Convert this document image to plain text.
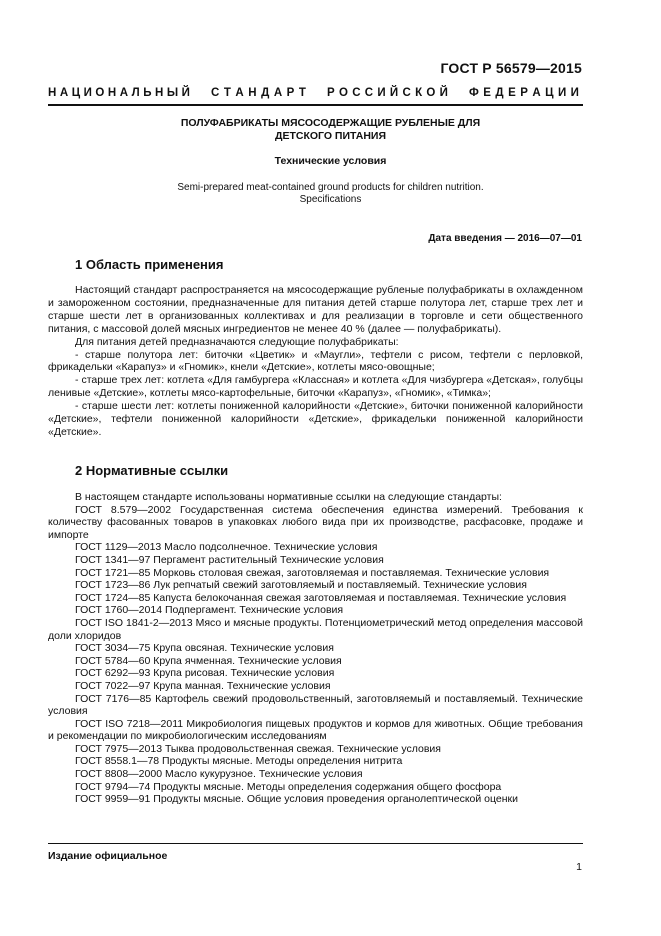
ГОСТ Р 56579—2015
Н А Ц И О Н А Л Ь Н Ы Й С Т А Н Д А Р Т Р О С С И Й С К О Й Ф Е Д Е Р А Ц И И
ПОЛУФАБРИКАТЫ МЯСОСОДЕРЖАЩИЕ РУБЛЕНЫЕ ДЛЯ
ДЕТСКОГО ПИТАНИЯ
Технические условия
Semi-prepared meat-contained ground products for children nutrition.
Specifications
Дата введения — 2016—07—01
1 Область применения

Настоящий стандарт распространяется на мясосодержащие рубленые полуфабрикаты в охлажденном и замороженном состоянии, предназначенные для питания детей старше полутора лет, старше трех лет и старше шести лет в организованных коллективах и для реализации в торговле и сети общественного питания, с массовой долей мясных ингредиентов не менее 40 % (далее — полуфабрикаты).

Для питания детей предназначаются следующие полуфабрикаты:

- старше полутора лет: биточки «Цветик» и «Маугли», тефтели с рисом, тефтели с перловкой, фрикадельки «Карапуз» и «Гномик», кнели «Детские», котлеты мясо-овощные;

- старше трех лет: котлета «Для гамбургера «Классная» и котлета «Для чизбургера «Детская», голубцы ленивые «Детские», котлеты мясо-картофельные, биточки «Карапуз», «Гномик», «Тимка»;

- старше шести лет: котлеты пониженной калорийности «Детские», биточки пониженной калорийности «Детские», тефтели пониженной калорийности «Детские», фрикадельки пониженной калорийности «Детские».

2 Нормативные ссылки

В настоящем стандарте использованы нормативные ссылки на следующие стандарты:

ГОСТ 8.579—2002 Государственная система обеспечения единства измерений. Требования к количеству фасованных товаров в упаковках любого вида при их производстве, расфасовке, продаже и импорте

ГОСТ 1129—2013 Масло подсолнечное. Технические условия

ГОСТ 1341—97 Пергамент растительный Технические условия

ГОСТ 1721—85 Морковь столовая свежая, заготовляемая и поставляемая. Технические условия

ГОСТ 1723—86 Лук репчатый свежий заготовляемый и поставляемый. Технические условия

ГОСТ 1724—85 Капуста белокочанная свежая заготовляемая и поставляемая. Технические условия

ГОСТ 1760—2014 Подпергамент. Технические условия

ГОСТ ISO 1841-2—2013 Мясо и мясные продукты. Потенциометрический метод определения массовой доли хлоридов

ГОСТ 3034—75 Крупа овсяная. Технические условия

ГОСТ 5784—60 Крупа ячменная. Технические условия

ГОСТ 6292—93 Крупа рисовая. Технические условия

ГОСТ 7022—97 Крупа манная. Технические условия

ГОСТ 7176—85 Картофель свежий продовольственный, заготовляемый и поставляемый. Технические условия

ГОСТ ISO 7218—2011 Микробиология пищевых продуктов и кормов для животных. Общие требования и рекомендации по микробиологическим исследованиям

ГОСТ 7975—2013 Тыква продовольственная свежая. Технические условия

ГОСТ 8558.1—78 Продукты мясные. Методы определения нитрита

ГОСТ 8808—2000 Масло кукурузное. Технические условия

ГОСТ 9794—74 Продукты мясные. Методы определения содержания общего фосфора

ГОСТ 9959—91 Продукты мясные. Общие условия проведения органолептической оценки

Издание официальное
1
